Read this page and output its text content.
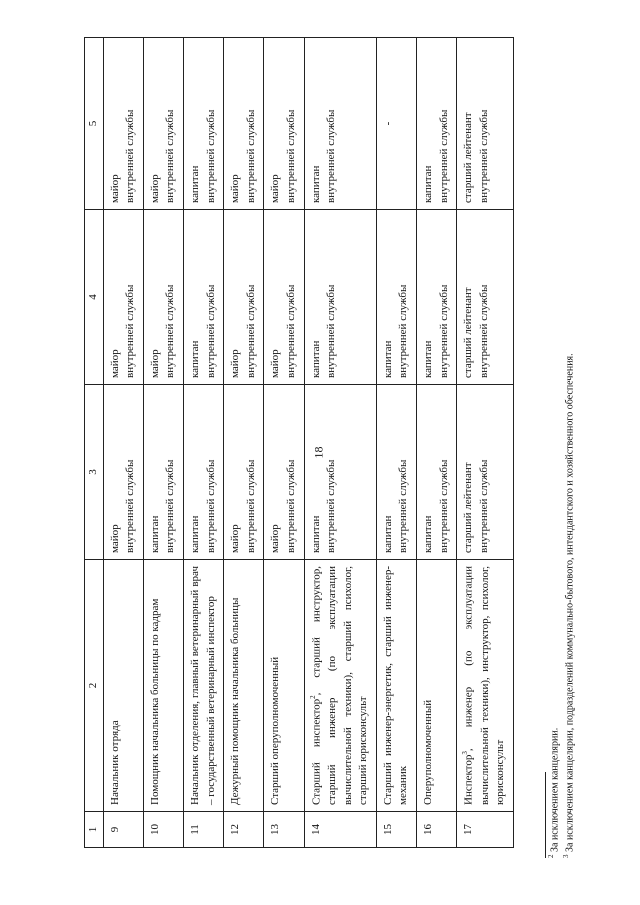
18
1	2	3	4	5
9	Начальник отряда	майор внутренней службы	майор внутренней службы	майор внутренней службы

10	Помощник начальника больницы по кадрам	капитан внутренней службы	майор внутренней службы	майор внутренней службы

11	Начальник отделения, главный ветеринарный врач – государственный ветеринарный инспектор	капитан внутренней службы	капитан внутренней службы	капитан внутренней службы

12	Дежурный помощник начальника больницы	майор внутренней службы	майор внутренней службы	майор внутренней службы

13	Старший оперуполномоченный	майор внутренней службы	майор внутренней службы	майор внутренней службы

14	Старший инспектор$^2$, старший инструктор, старший инженер (по эксплуатации вычислительной техники), старший психолог, старший юрисконсульт	капитан внутренней службы	капитан внутренней службы	капитан внутренней службы

15	Старший инженер-энергетик, старший инженер-механик	капитан внутренней службы	капитан внутренней службы	-

16	Оперуполномоченный	капитан внутренней службы	капитан внутренней службы	капитан внутренней службы

17	Инспектор$^3$, инженер (по эксплуатации вычислительной техники), инструктор, психолог, юрисконсульт	старший лейтенант внутренней службы	старший лейтенант внутренней службы	старший лейтенант внутренней службы
$^2$ За исключением канцелярии.
$^3$ За исключением канцелярии, подразделений коммунально-бытового, интендантского и хозяйственного обеспечения.
